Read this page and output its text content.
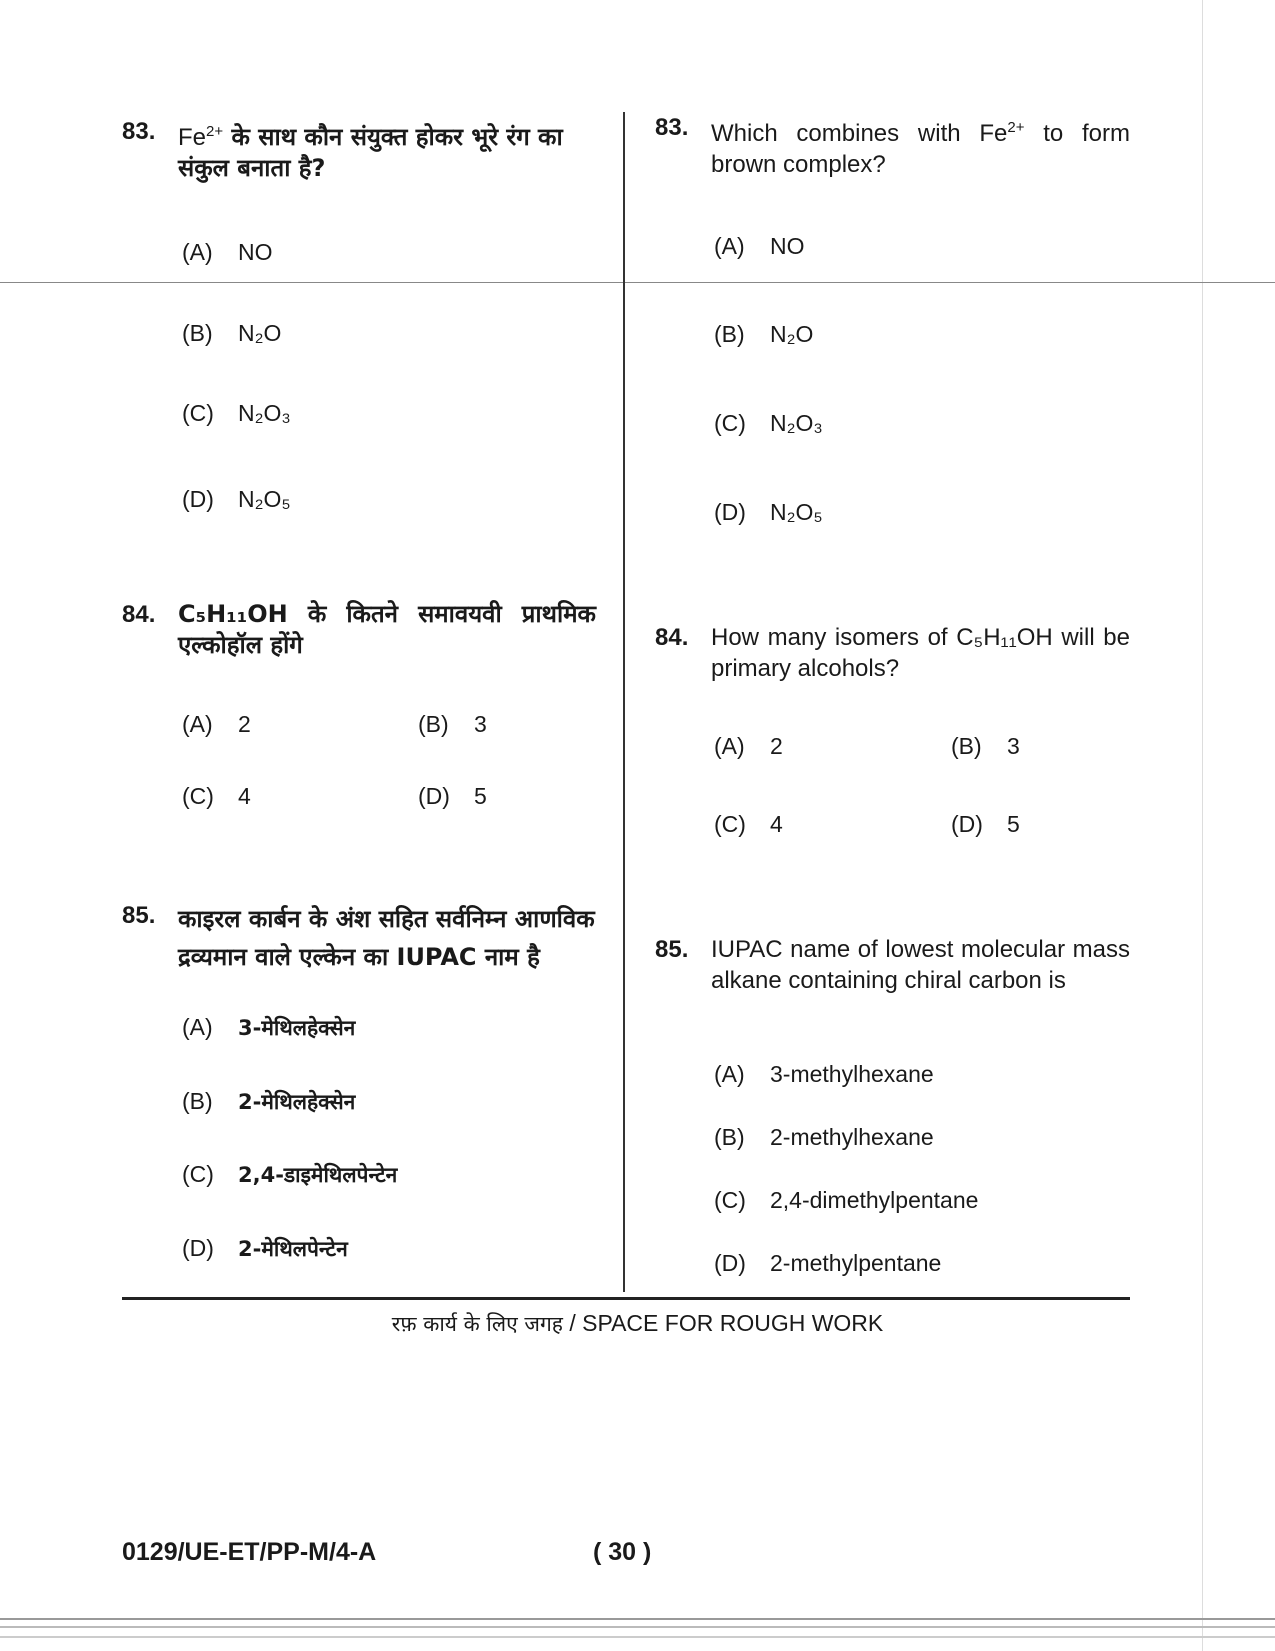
83. $Fe^{2+}$ के साथ कौन संयुक्त होकर भूरे रंग का संकुल बनाता है?
(A) NO
(B) N₂O
(C) N₂O₃
(D) N₂O₅
84. C₅H₁₁OH के कितने समावयवी प्राथमिक एल्कोहॉल होंगे
(A) 2	(B) 3
(C) 4	(D) 5
85. काइरल कार्बन के अंश सहित सर्वनिम्न आणविक द्रव्यमान वाले एल्केन का IUPAC नाम है
(A) 3-मेथिलहेक्सेन
(B) 2-मेथिलहेक्सेन
(C) 2,4-डाइमेथिलपेन्टेन
(D) 2-मेथिलपेन्टेन
83. Which combines with $Fe^{2+}$ to form brown complex?
(A) NO
(B) N₂O
(C) N₂O₃
(D) N₂O₅
84. How many isomers of C₅H₁₁OH will be primary alcohols?
(A) 2	(B) 3
(C) 4	(D) 5
85. IUPAC name of lowest molecular mass alkane containing chiral carbon is
(A) 3-methylhexane
(B) 2-methylhexane
(C) 2,4-dimethylpentane
(D) 2-methylpentane
रफ़ कार्य के लिए जगह / SPACE FOR ROUGH WORK
0129/UE-ET/PP-M/4-A	( 30 )
